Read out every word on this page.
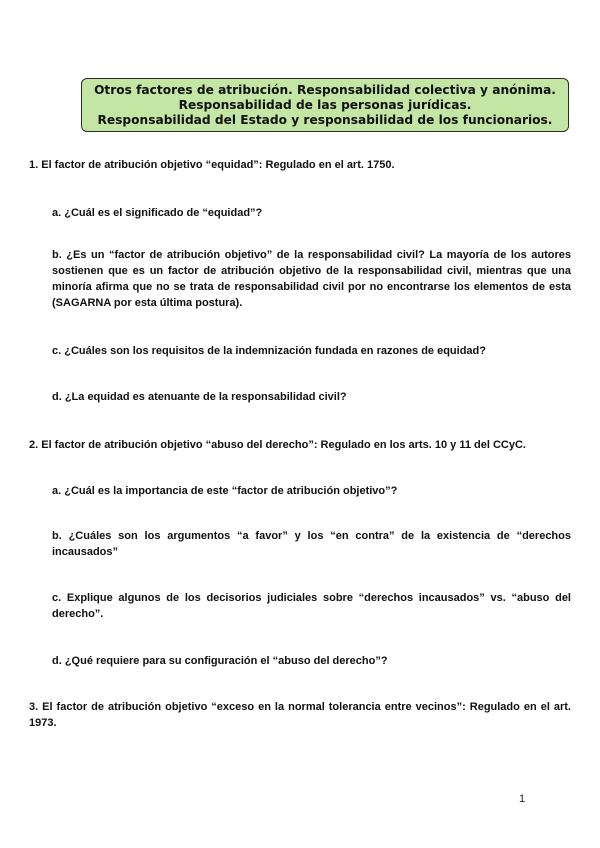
Otros factores de atribución. Responsabilidad colectiva y anónima.
Responsabilidad de las personas jurídicas.
Responsabilidad del Estado y responsabilidad de los funcionarios.

1. El factor de atribución objetivo “equidad”: Regulado en el art. 1750.

a. ¿Cuál es el significado de “equidad”?

b. ¿Es un “factor de atribución objetivo” de la responsabilidad civil? La mayoría de los autores sostienen que es un factor de atribución objetivo de la responsabilidad civil, mientras que una minoría afirma que no se trata de responsabilidad civil por no encontrarse los elementos de esta (SAGARNA por esta última postura).

c. ¿Cuáles son los requisitos de la indemnización fundada en razones de equidad?

d. ¿La equidad es atenuante de la responsabilidad civil?

2. El factor de atribución objetivo “abuso del derecho”: Regulado en los arts. 10 y 11 del CCyC.

a. ¿Cuál es la importancia de este “factor de atribución objetivo”?

b. ¿Cuáles son los argumentos “a favor” y los “en contra” de la existencia de “derechos incausados”

c. Explique algunos de los decisorios judiciales sobre “derechos incausados” vs. “abuso del derecho”.

d. ¿Qué requiere para su configuración el “abuso del derecho”?

3. El factor de atribución objetivo “exceso en la normal tolerancia entre vecinos”: Regulado en el art. 1973.

1
